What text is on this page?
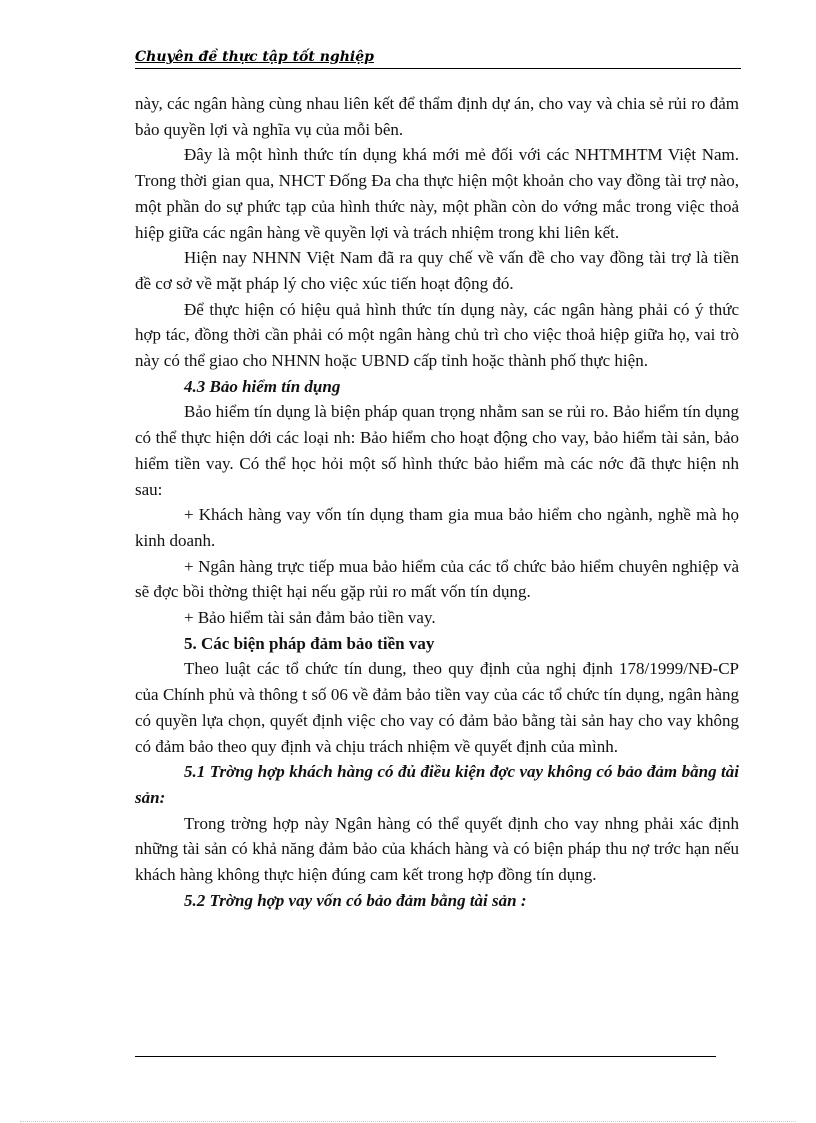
Chuyên đề thực tập tốt nghiệp

này, các ngân hàng cùng nhau liên kết để thẩm định dự án, cho vay và chia sẻ rủi ro đảm bảo quyền lợi và nghĩa vụ của mỗi bên.

Đây là một hình thức tín dụng khá mới mẻ đối với các NHTMHTM Việt Nam. Trong thời gian qua, NHCT Đống Đa cha thực hiện một khoản cho vay đồng tài trợ nào, một phần do sự phức tạp của hình thức này, một phần còn do vớng mắc trong việc thoả hiệp giữa các ngân hàng về quyền lợi và trách nhiệm trong khi liên kết.

Hiện nay NHNN Việt Nam đã ra quy chế về vấn đề cho vay đồng tài trợ là tiền đề cơ sở về mặt pháp lý cho việc xúc tiến hoạt động đó.

Để thực hiện có hiệu quả hình thức tín dụng này, các ngân hàng phải có ý thức hợp tác, đồng thời cần phải có một ngân hàng chủ trì cho việc thoả hiệp giữa họ, vai trò này có thể giao cho NHNN hoặc UBND cấp tỉnh hoặc thành phố thực hiện.

4.3 Bảo hiểm tín dụng

Bảo hiểm tín dụng là biện pháp quan trọng nhằm san se rủi ro. Bảo hiểm tín dụng có thể thực hiện dới các loại nh: Bảo hiểm cho hoạt động cho vay, bảo hiểm tài sản, bảo hiểm tiền vay. Có thể học hỏi một số hình thức bảo hiểm mà các nớc đã thực hiện nh sau:

+ Khách hàng vay vốn tín dụng tham gia mua bảo hiểm cho ngành, nghề mà họ kinh doanh.

+ Ngân hàng trực tiếp mua bảo hiểm của các tổ chức bảo hiểm chuyên nghiệp và sẽ đợc bồi thờng thiệt hại nếu gặp rủi ro mất vốn tín dụng.

+ Bảo hiểm tài sản đảm bảo tiền vay.

5. Các biện pháp đảm bảo tiền vay

Theo luật các tổ chức tín dung, theo quy định của nghị định 178/1999/NĐ-CP của Chính phủ và thông t số 06 về đảm bảo tiền vay của các tổ chức tín dụng, ngân hàng có quyền lựa chọn, quyết định việc cho vay có đảm bảo bằng tài sản hay cho vay không có đảm bảo theo quy định và chịu trách nhiệm về quyết định của mình.

5.1 Trờng hợp khách hàng có đủ điều kiện đợc vay không có bảo đảm bằng tài sản:

Trong trờng hợp này Ngân hàng có thể quyết định cho vay nhng phải xác định những tài sản có khả năng đảm bảo của khách hàng và có biện pháp thu nợ trớc hạn nếu khách hàng không thực hiện đúng cam kết trong hợp đồng tín dụng.

5.2 Trờng hợp vay vốn có bảo đảm bằng tài sản :
